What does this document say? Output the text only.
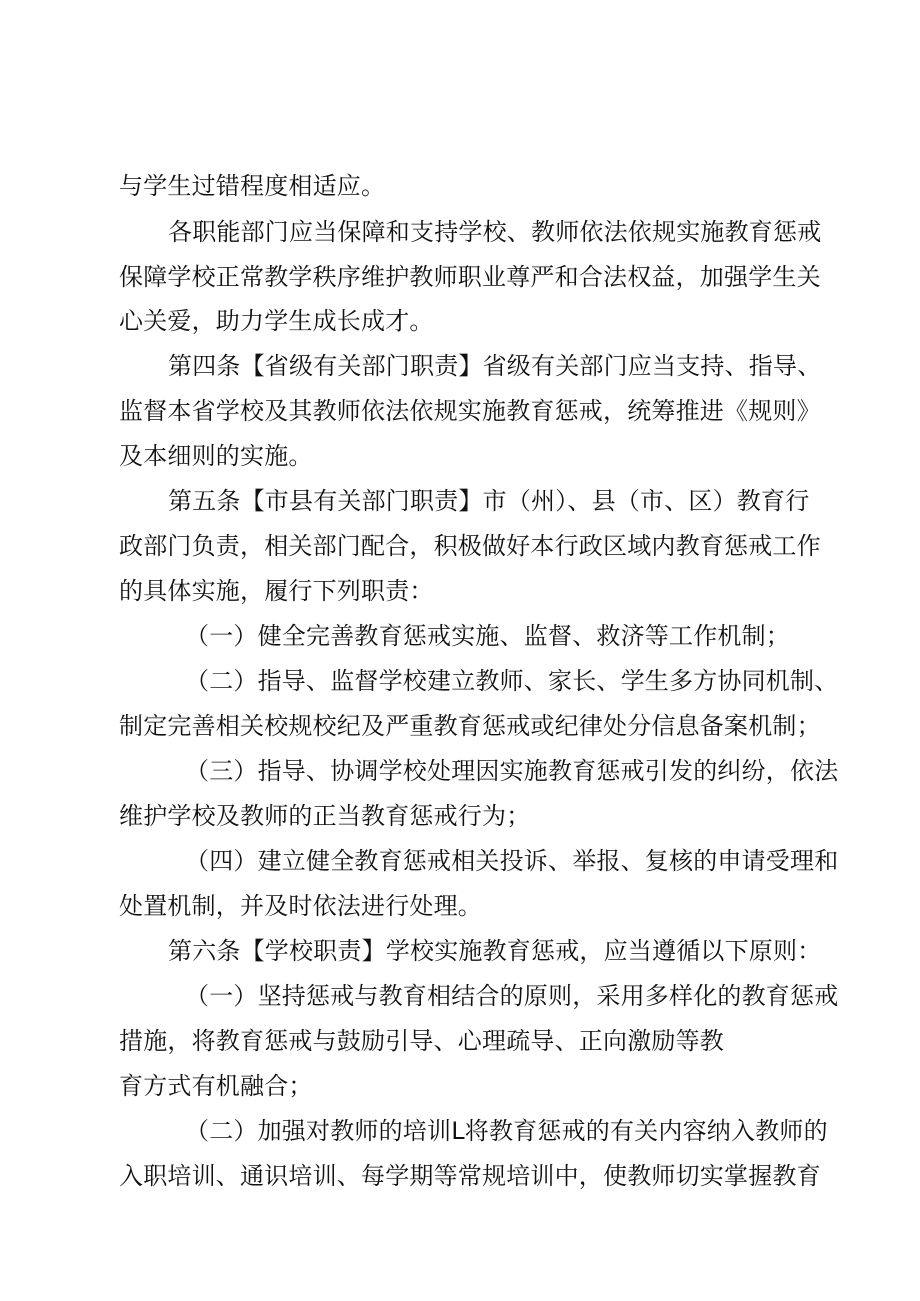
与学生过错程度相适应。
各职能部门应当保障和支持学校、教师依法依规实施教育惩戒
保障学校正常教学秩序维护教师职业尊严和合法权益，加强学生关
心关爱，助力学生成长成才。
第四条【省级有关部门职责】省级有关部门应当支持、指导、
监督本省学校及其教师依法依规实施教育惩戒，统筹推进《规则》
及本细则的实施。
第五条【市县有关部门职责】市（州）、县（市、区）教育行
政部门负责，相关部门配合，积极做好本行政区域内教育惩戒工作
的具体实施，履行下列职责：
（一）健全完善教育惩戒实施、监督、救济等工作机制；
（二）指导、监督学校建立教师、家长、学生多方协同机制、
制定完善相关校规校纪及严重教育惩戒或纪律处分信息备案机制；
（三）指导、协调学校处理因实施教育惩戒引发的纠纷，依法
维护学校及教师的正当教育惩戒行为；
（四）建立健全教育惩戒相关投诉、举报、复核的申请受理和
处置机制，并及时依法进行处理。
第六条【学校职责】学校实施教育惩戒，应当遵循以下原则：
（一）坚持惩戒与教育相结合的原则，采用多样化的教育惩戒
措施，将教育惩戒与鼓励引导、心理疏导、正向激励等教
育方式有机融合；
（二）加强对教师的培训L将教育惩戒的有关内容纳入教师的
入职培训、通识培训、每学期等常规培训中，使教师切实掌握教育
